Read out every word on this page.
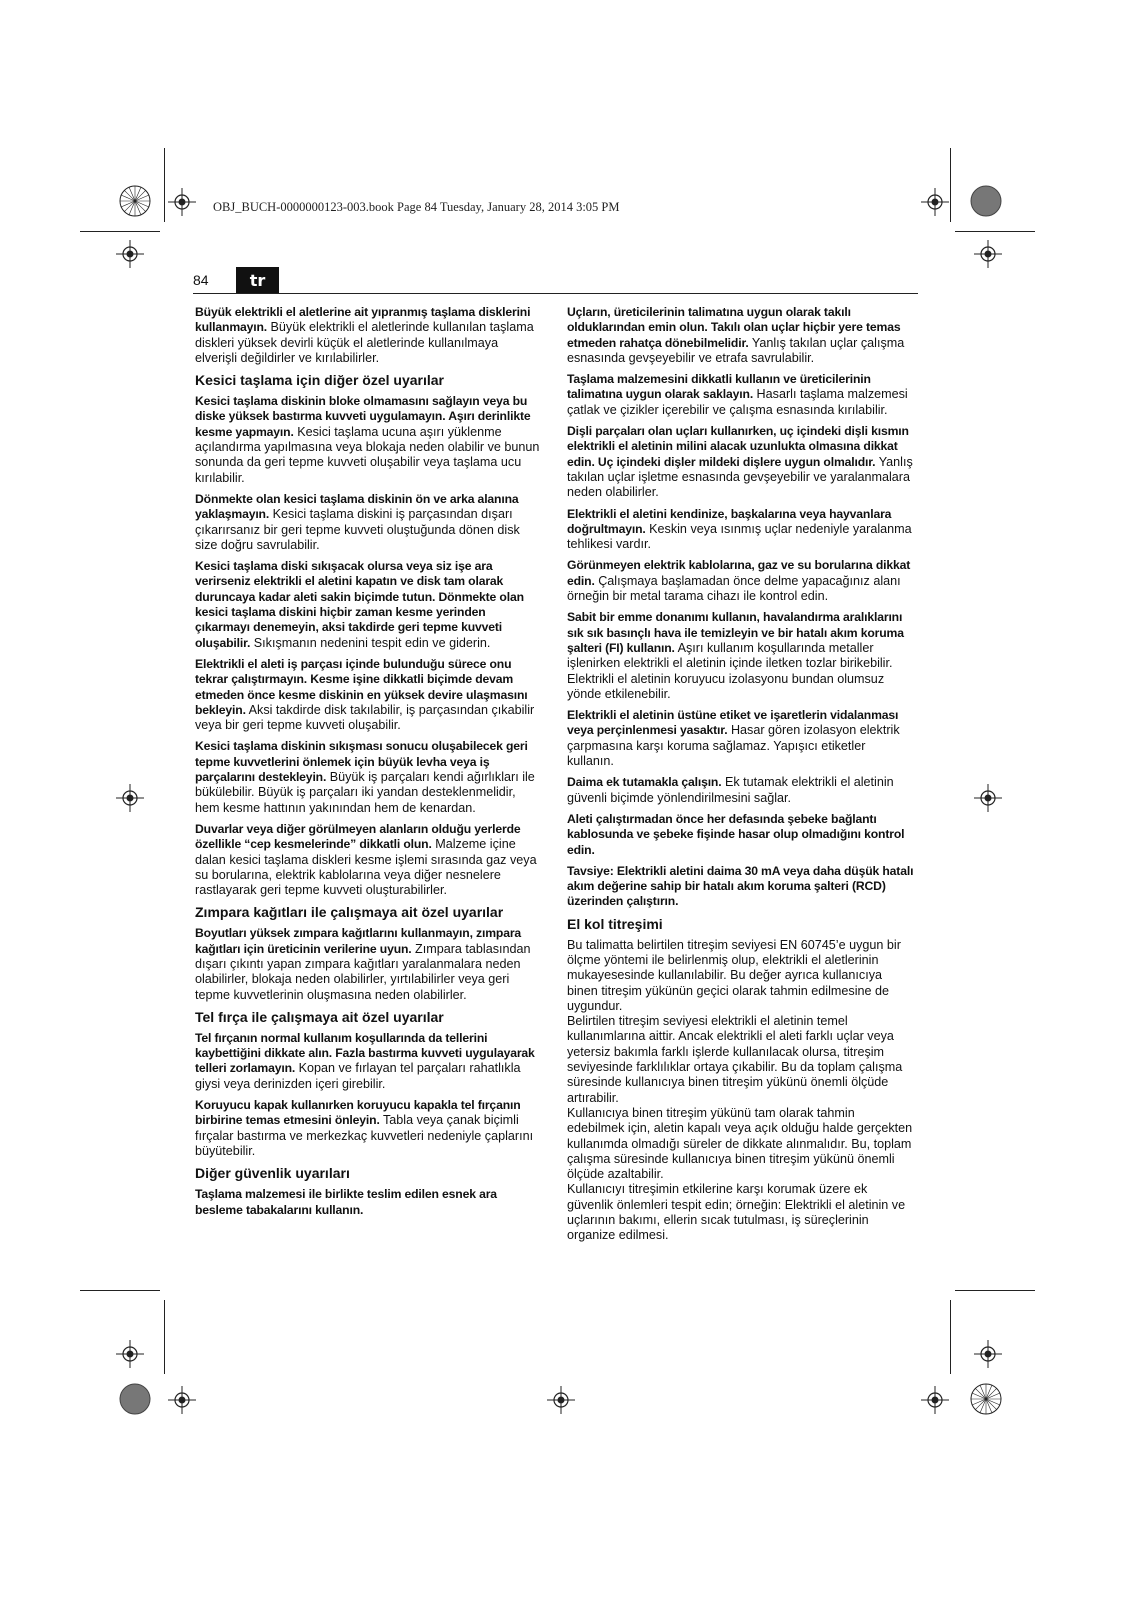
OBJ_BUCH-0000000123-003.book Page 84 Tuesday, January 28, 2014 3:05 PM
84	tr

Büyük elektrikli el aletlerine ait yıpranmış taşlama disklerini kullanmayın. Büyük elektrikli el aletlerinde kullanılan taşlama diskleri yüksek devirli küçük el aletlerinde kullanılmaya elverişli değildirler ve kırılabilirler.

Kesici taşlama için diğer özel uyarılar

Kesici taşlama diskinin bloke olmamasını sağlayın veya bu diske yüksek bastırma kuvveti uygulamayın. Aşırı derinlikte kesme yapmayın. Kesici taşlama ucuna aşırı yüklenme açılandırma yapılmasına veya blokaja neden olabilir ve bunun sonunda da geri tepme kuvveti oluşabilir veya taşlama ucu kırılabilir.

Dönmekte olan kesici taşlama diskinin ön ve arka alanına yaklaşmayın. Kesici taşlama diskini iş parçasından dışarı çıkarırsanız bir geri tepme kuvveti oluştuğunda dönen disk size doğru savrulabilir.

Kesici taşlama diski sıkışacak olursa veya siz işe ara verirseniz elektrikli el aletini kapatın ve disk tam olarak duruncaya kadar aleti sakin biçimde tutun. Dönmekte olan kesici taşlama diskini hiçbir zaman kesme yerinden çıkarmayı denemeyin, aksi takdirde geri tepme kuvveti oluşabilir. Sıkışmanın nedenini tespit edin ve giderin.

Elektrikli el aleti iş parçası içinde bulunduğu sürece onu tekrar çalıştırmayın. Kesme işine dikkatli biçimde devam etmeden önce kesme diskinin en yüksek devire ulaşmasını bekleyin. Aksi takdirde disk takılabilir, iş parçasından çıkabilir veya bir geri tepme kuvveti oluşabilir.

Kesici taşlama diskinin sıkışması sonucu oluşabilecek geri tepme kuvvetlerini önlemek için büyük levha veya iş parçalarını destekleyin. Büyük iş parçaları kendi ağırlıkları ile bükülebilir. Büyük iş parçaları iki yandan desteklenmelidir, hem kesme hattının yakınından hem de kenardan.

Duvarlar veya diğer görülmeyen alanların olduğu yerlerde özellikle “cep kesmelerinde” dikkatli olun. Malzeme içine dalan kesici taşlama diskleri kesme işlemi sırasında gaz veya su borularına, elektrik kablolarına veya diğer nesnelere rastlayarak geri tepme kuvveti oluşturabilirler.

Zımpara kağıtları ile çalışmaya ait özel uyarılar

Boyutları yüksek zımpara kağıtlarını kullanmayın, zımpara kağıtları için üreticinin verilerine uyun. Zımpara tablasından dışarı çıkıntı yapan zımpara kağıtları yaralanmalara neden olabilirler, blokaja neden olabilirler, yırtılabilirler veya geri tepme kuvvetlerinin oluşmasına neden olabilirler.

Tel fırça ile çalışmaya ait özel uyarılar

Tel fırçanın normal kullanım koşullarında da tellerini kaybettiğini dikkate alın. Fazla bastırma kuvveti uygulayarak telleri zorlamayın. Kopan ve fırlayan tel parçaları rahatlıkla giysi veya derinizden içeri girebilir.

Koruyucu kapak kullanırken koruyucu kapakla tel fırçanın birbirine temas etmesini önleyin. Tabla veya çanak biçimli fırçalar bastırma ve merkezkaç kuvvetleri nedeniyle çaplarını büyütebilir.

Diğer güvenlik uyarıları

Taşlama malzemesi ile birlikte teslim edilen esnek ara besleme tabakalarını kullanın.

Uçların, üreticilerinin talimatına uygun olarak takılı olduklarından emin olun. Takılı olan uçlar hiçbir yere temas etmeden rahatça dönebilmelidir. Yanlış takılan uçlar çalışma esnasında gevşeyebilir ve etrafa savrulabilir.

Taşlama malzemesini dikkatli kullanın ve üreticilerinin talimatına uygun olarak saklayın. Hasarlı taşlama malzemesi çatlak ve çizikler içerebilir ve çalışma esnasında kırılabilir.

Dişli parçaları olan uçları kullanırken, uç içindeki dişli kısmın elektrikli el aletinin milini alacak uzunlukta olmasına dikkat edin. Uç içindeki dişler mildeki dişlere uygun olmalıdır. Yanlış takılan uçlar işletme esnasında gevşeyebilir ve yaralanmalara neden olabilirler.

Elektrikli el aletini kendinize, başkalarına veya hayvanlara doğrultmayın. Keskin veya ısınmış uçlar nedeniyle yaralanma tehlikesi vardır.

Görünmeyen elektrik kablolarına, gaz ve su borularına dikkat edin. Çalışmaya başlamadan önce delme yapacağınız alanı örneğin bir metal tarama cihazı ile kontrol edin.

Sabit bir emme donanımı kullanın, havalandırma aralıklarını sık sık basınçlı hava ile temizleyin ve bir hatalı akım koruma şalteri (FI) kullanın. Aşırı kullanım koşullarında metaller işlenirken elektrikli el aletinin içinde iletken tozlar birikebilir. Elektrikli el aletinin koruyucu izolasyonu bundan olumsuz yönde etkilenebilir.

Elektrikli el aletinin üstüne etiket ve işaretlerin vidalanması veya perçinlenmesi yasaktır. Hasar gören izolasyon elektrik çarpmasına karşı koruma sağlamaz. Yapışıcı etiketler kullanın.

Daima ek tutamakla çalışın. Ek tutamak elektrikli el aletinin güvenli biçimde yönlendirilmesini sağlar.

Aleti çalıştırmadan önce her defasında şebeke bağlantı kablosunda ve şebeke fişinde hasar olup olmadığını kontrol edin.

Tavsiye: Elektrikli aletini daima 30 mA veya daha düşük hatalı akım değerine sahip bir hatalı akım koruma şalteri (RCD) üzerinden çalıştırın.

El kol titreşimi

Bu talimatta belirtilen titreşim seviyesi EN 60745’e uygun bir ölçme yöntemi ile belirlenmiş olup, elektrikli el aletlerinin mukayesesinde kullanılabilir. Bu değer ayrıca kullanıcıya binen titreşim yükünün geçici olarak tahmin edilmesine de uygundur.

Belirtilen titreşim seviyesi elektrikli el aletinin temel kullanımlarına aittir. Ancak elektrikli el aleti farklı uçlar veya yetersiz bakımla farklı işlerde kullanılacak olursa, titreşim seviyesinde farklılıklar ortaya çıkabilir. Bu da toplam çalışma süresinde kullanıcıya binen titreşim yükünü önemli ölçüde artırabilir.

Kullanıcıya binen titreşim yükünü tam olarak tahmin edebilmek için, aletin kapalı veya açık olduğu halde gerçekten kullanımda olmadığı süreler de dikkate alınmalıdır. Bu, toplam çalışma süresinde kullanıcıya binen titreşim yükünü önemli ölçüde azaltabilir.

Kullanıcıyı titreşimin etkilerine karşı korumak üzere ek güvenlik önlemleri tespit edin; örneğin: Elektrikli el aletinin ve uçlarının bakımı, ellerin sıcak tutulması, iş süreçlerinin organize edilmesi.
